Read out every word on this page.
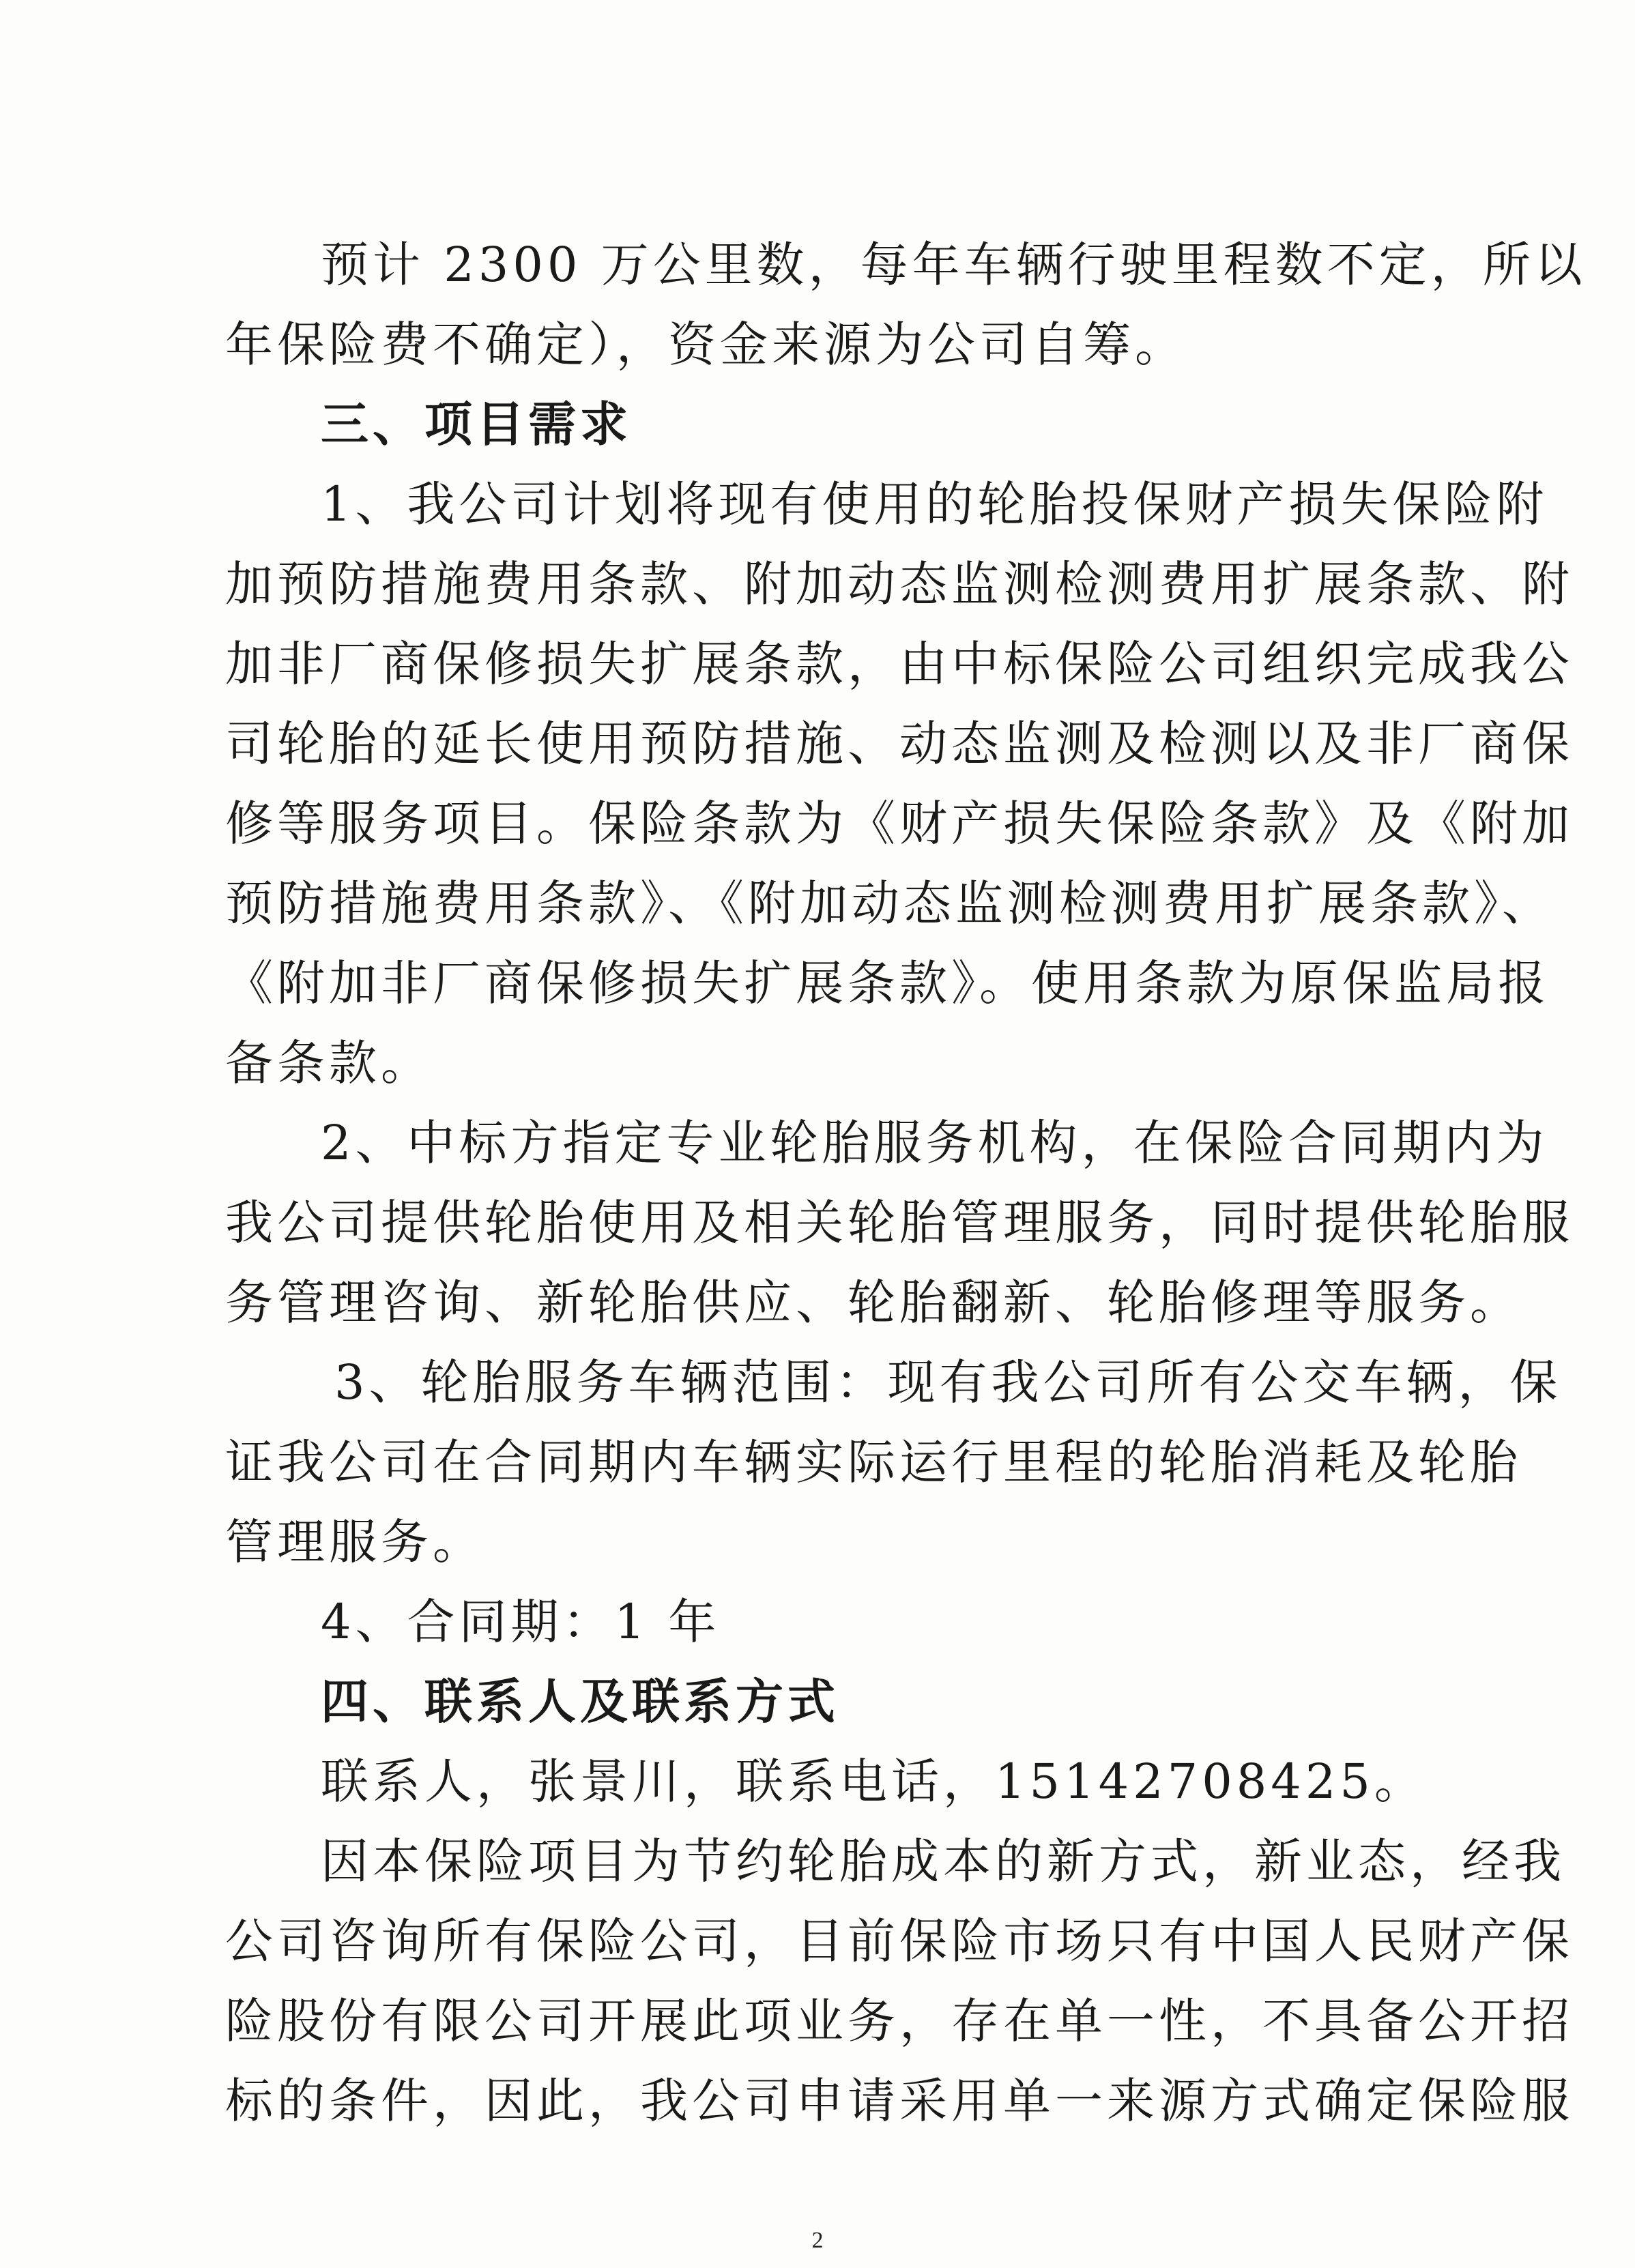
预计 2300 万公里数，每年车辆行驶里程数不定，所以

年保险费不确定），资金来源为公司自筹。

三、项目需求

1、我公司计划将现有使用的轮胎投保财产损失保险附

加预防措施费用条款、附加动态监测检测费用扩展条款、附

加非厂商保修损失扩展条款，由中标保险公司组织完成我公

司轮胎的延长使用预防措施、动态监测及检测以及非厂商保

修等服务项目。保险条款为《财产损失保险条款》及《附加

预防措施费用条款》、《附加动态监测检测费用扩展条款》、

《附加非厂商保修损失扩展条款》。使用条款为原保监局报

备条款。

2、中标方指定专业轮胎服务机构，在保险合同期内为

我公司提供轮胎使用及相关轮胎管理服务，同时提供轮胎服

务管理咨询、新轮胎供应、轮胎翻新、轮胎修理等服务。

3、轮胎服务车辆范围：现有我公司所有公交车辆，保

证我公司在合同期内车辆实际运行里程的轮胎消耗及轮胎

管理服务。

4、合同期：1 年

四、联系人及联系方式

联系人，张景川，联系电话，15142708425。

因本保险项目为节约轮胎成本的新方式，新业态，经我

公司咨询所有保险公司，目前保险市场只有中国人民财产保

险股份有限公司开展此项业务，存在单一性，不具备公开招

标的条件，因此，我公司申请采用单一来源方式确定保险服

2
